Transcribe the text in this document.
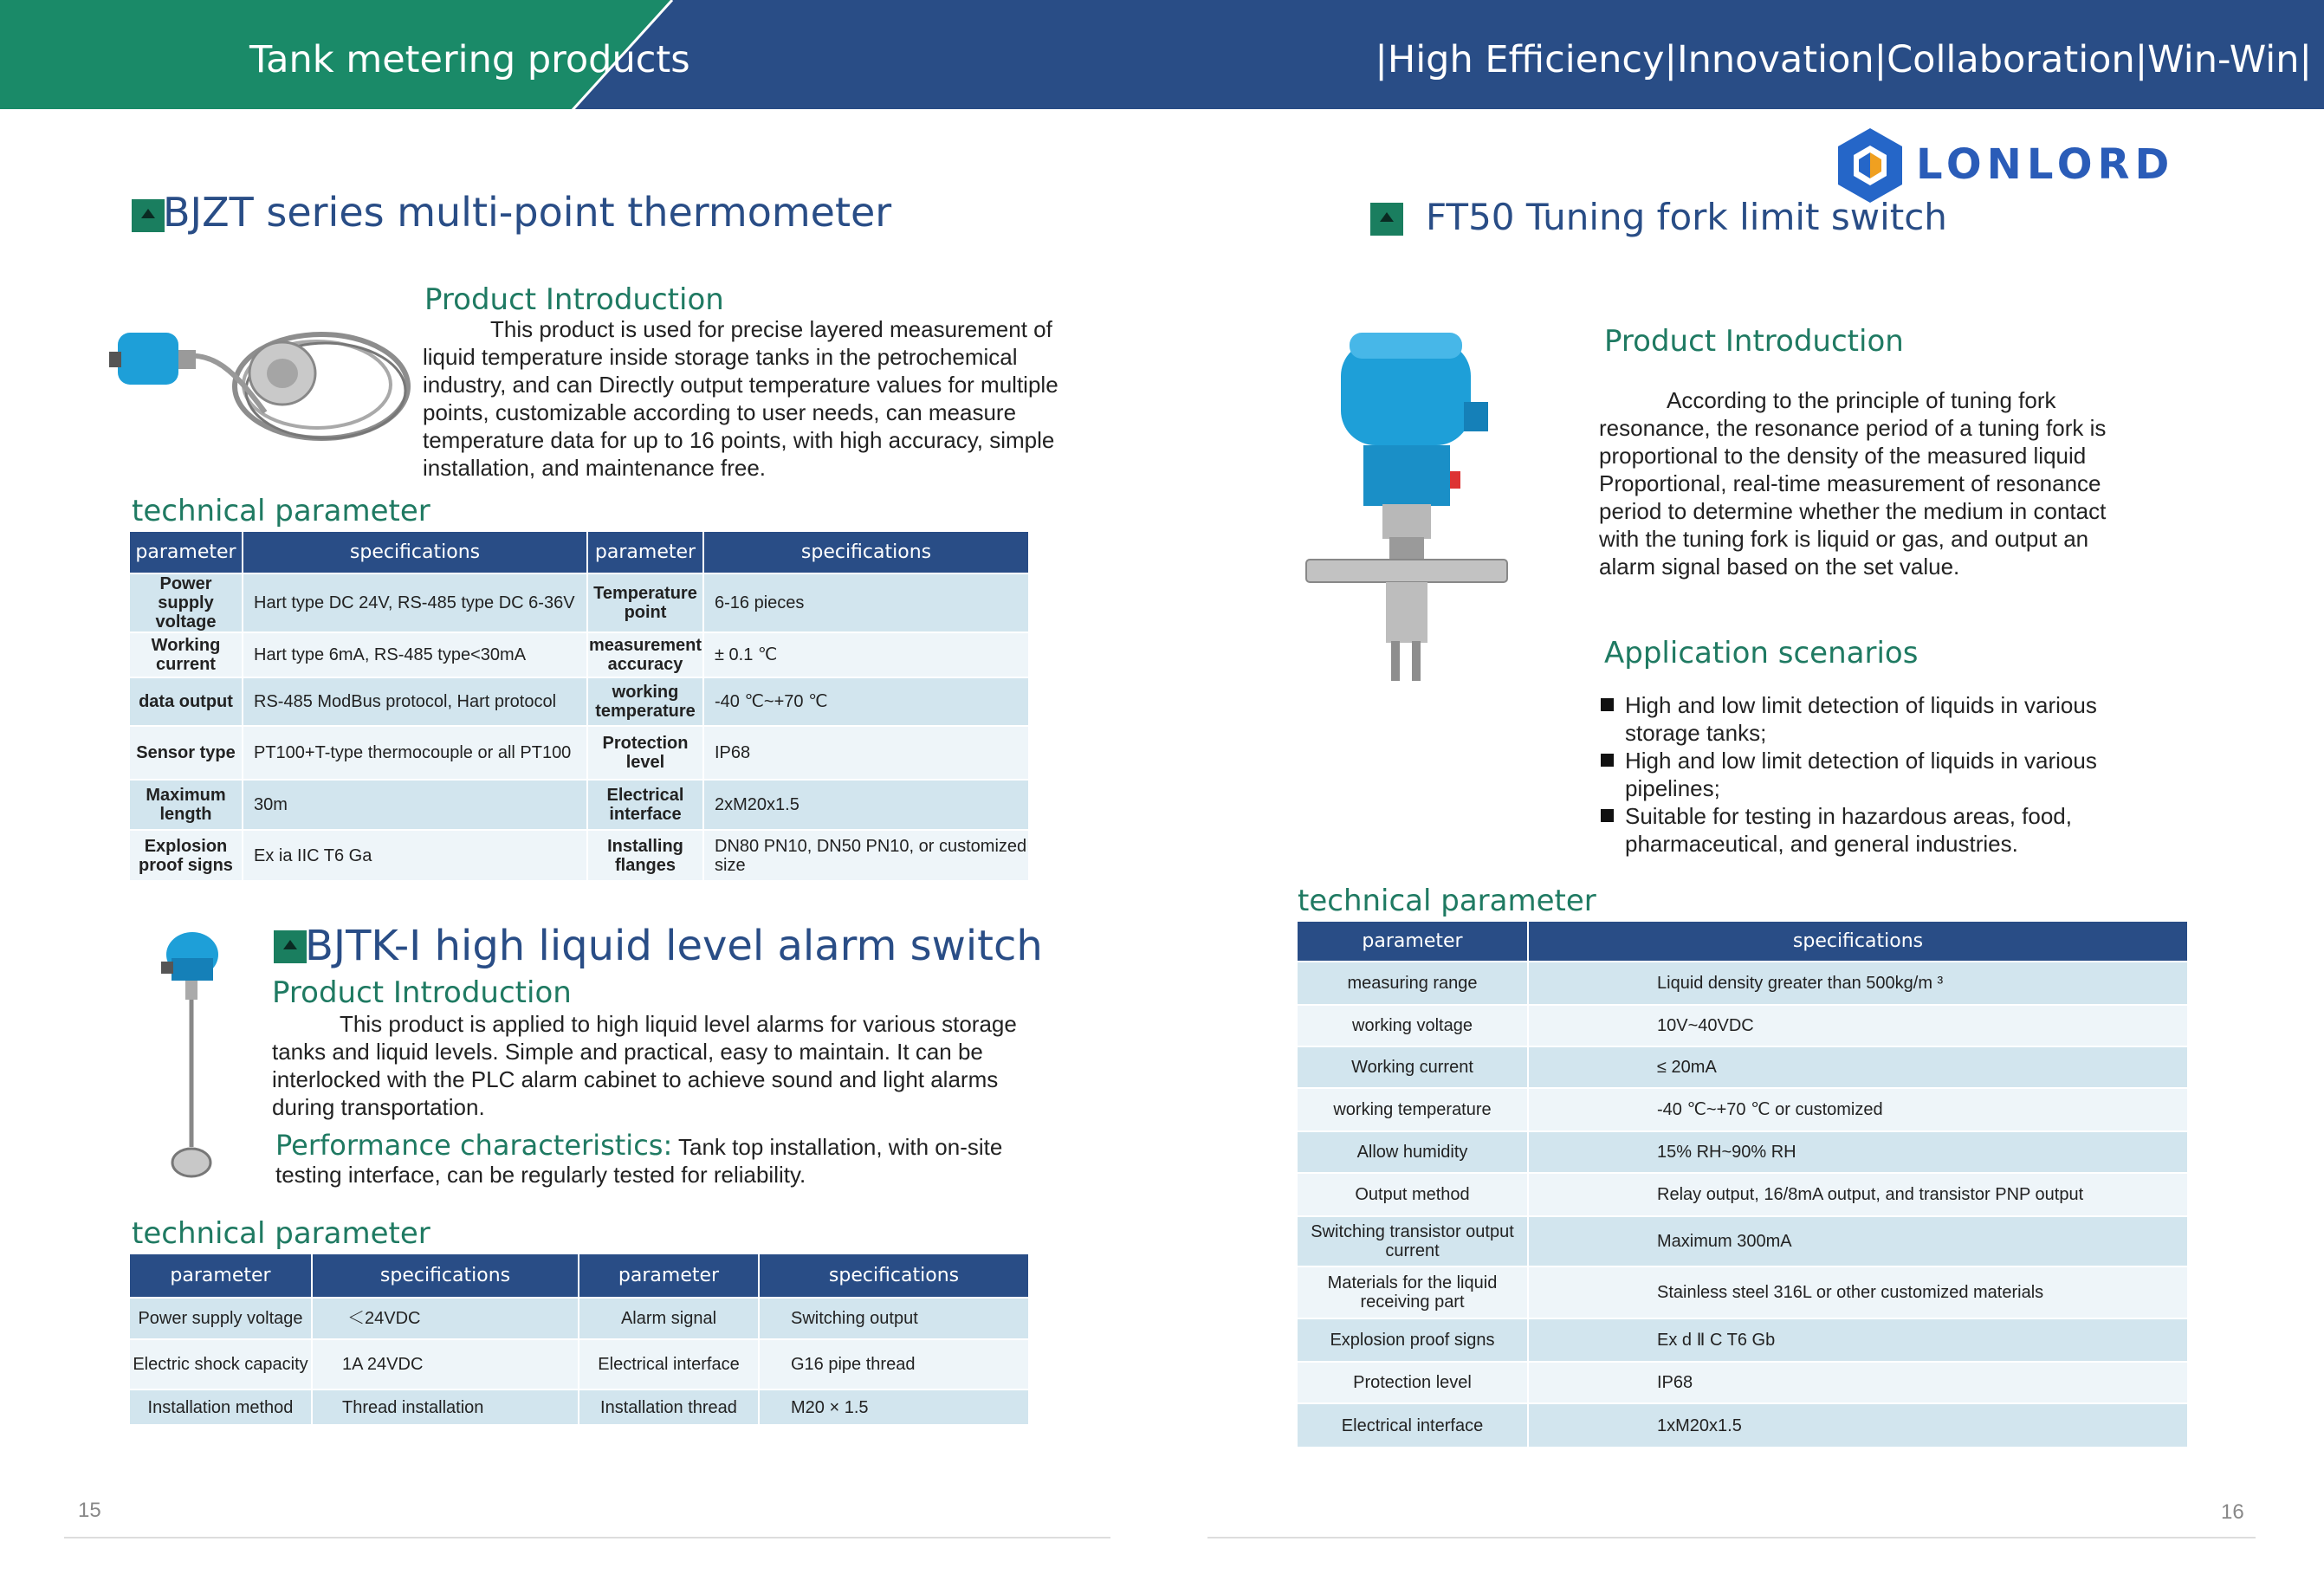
Tank metering products	|High Efficiency|Innovation|Collaboration|Win-Win|
LONLORD
BJZT series multi-point thermometer
Product Introduction
This product is used for precise layered measurement of liquid temperature inside storage tanks in the petrochemical industry, and can Directly output temperature values for multiple points, customizable according to user needs, can measure temperature data for up to 16 points, with high accuracy, simple installation, and maintenance free.
technical parameter
parameter	specifications	parameter	specifications
Power supply voltage	Hart type DC 24V, RS-485 type DC 6-36V	Temperature point	6-16 pieces
Working current	Hart type 6mA, RS-485 type<30mA	measurement accuracy	± 0.1 ℃
data output	RS-485 ModBus protocol, Hart protocol	working temperature	-40 ℃~+70 ℃
Sensor type	PT100+T-type thermocouple or all PT100	Protection level	IP68
Maximum length	30m	Electrical interface	2xM20x1.5
Explosion proof signs	Ex ia IIC T6 Ga	Installing flanges	DN80 PN10, DN50 PN10, or customized size
BJTK-I high liquid level alarm switch
Product Introduction
This product is applied to high liquid level alarms for various storage tanks and liquid levels. Simple and practical, easy to maintain. It can be interlocked with the PLC alarm cabinet to achieve sound and light alarms during transportation.
Performance characteristics: Tank top installation, with on-site testing interface, can be regularly tested for reliability.
technical parameter
parameter	specifications	parameter	specifications
Power supply voltage	＜24VDC	Alarm signal	Switching output
Electric shock capacity	1A 24VDC	Electrical interface	G16 pipe thread
Installation method	Thread installation	Installation thread	M20 × 1.5
15
FT50 Tuning fork limit switch
Product Introduction
According to the principle of tuning fork resonance, the resonance period of a tuning fork is proportional to the density of the measured liquid Proportional, real-time measurement of resonance period to determine whether the medium in contact with the tuning fork is liquid or gas, and output an alarm signal based on the set value.
Application scenarios
High and low limit detection of liquids in various storage tanks;
High and low limit detection of liquids in various pipelines;
Suitable for testing in hazardous areas, food, pharmaceutical, and general industries.
technical parameter
parameter	specifications
measuring range	Liquid density greater than 500kg/m ³
working voltage	10V~40VDC
Working current	≤ 20mA
working temperature	-40 ℃~+70 ℃ or customized
Allow humidity	15% RH~90% RH
Output method	Relay output, 16/8mA output, and transistor PNP output
Switching transistor output current	Maximum 300mA
Materials for the liquid receiving part	Stainless steel 316L or other customized materials
Explosion proof signs	Ex d Ⅱ C T6 Gb
Protection level	IP68
Electrical interface	1xM20x1.5
16
